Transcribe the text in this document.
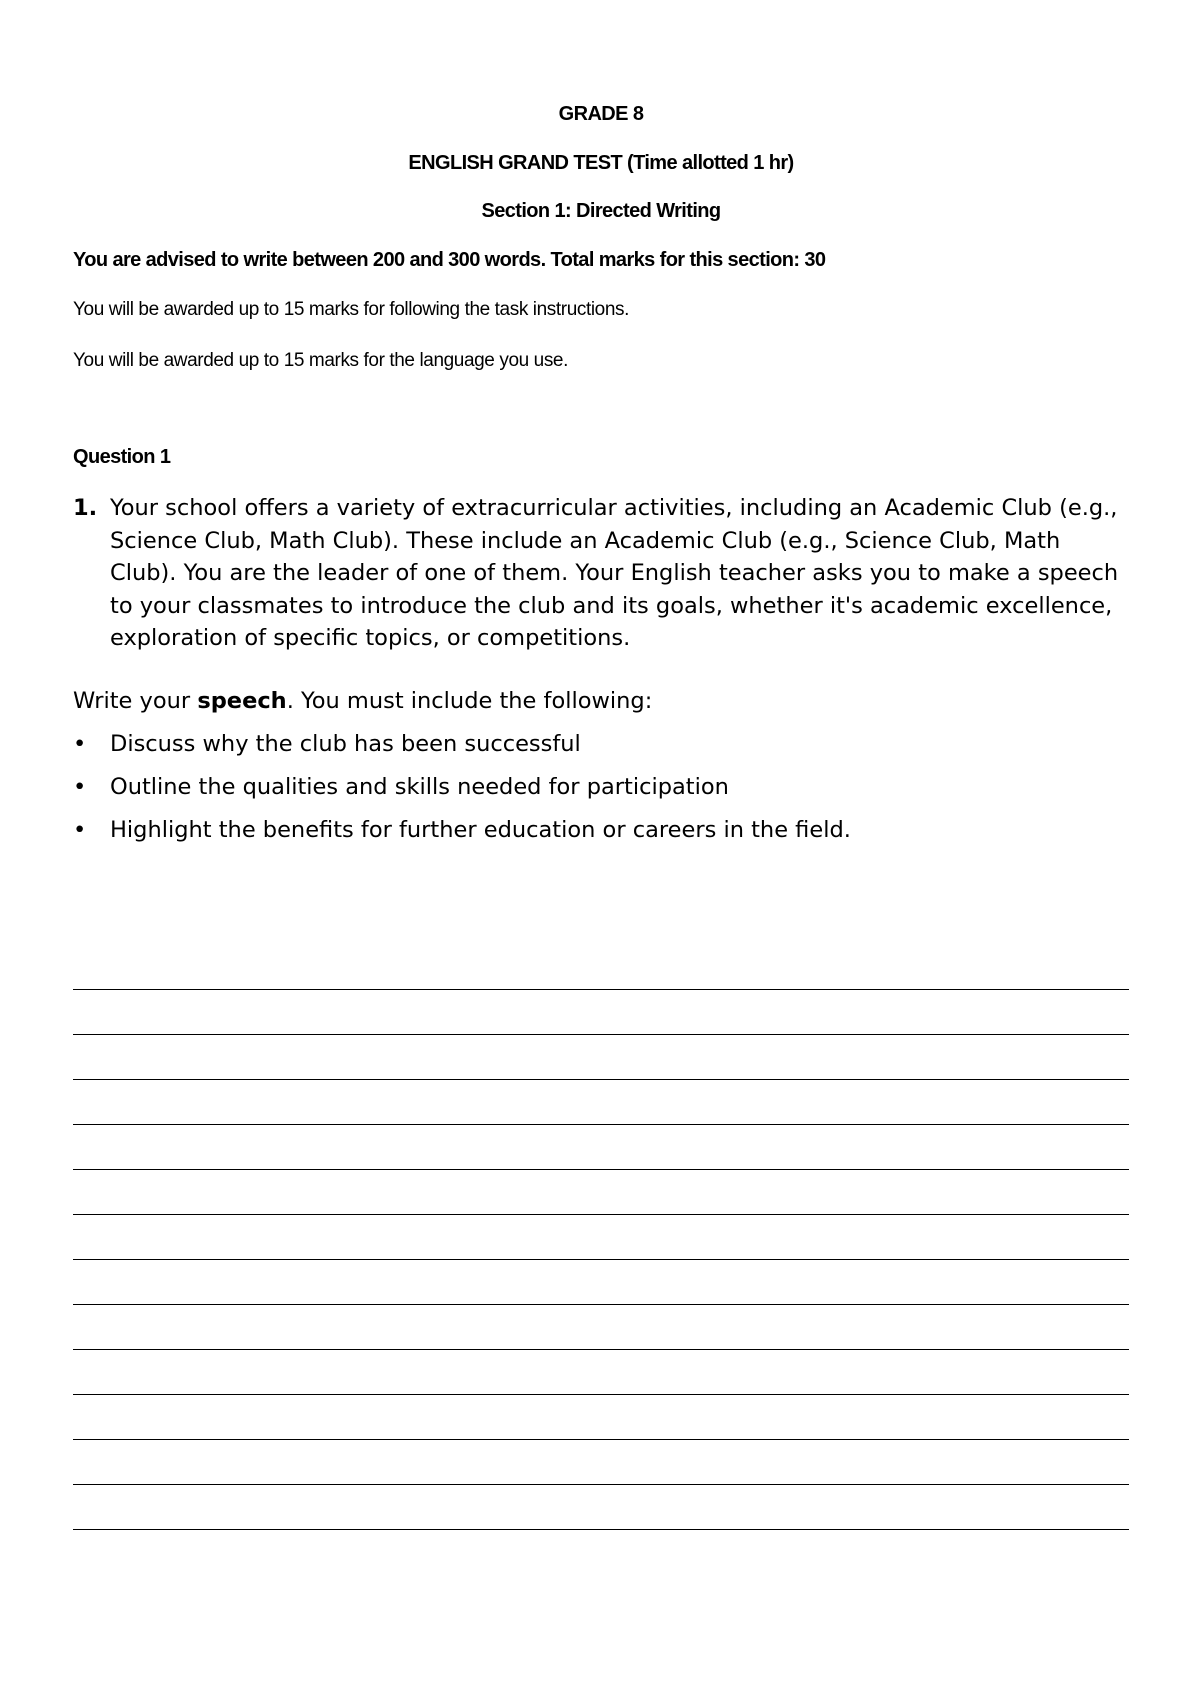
GRADE 8
ENGLISH GRAND TEST (Time allotted 1 hr)
Section 1: Directed Writing
You are advised to write between 200 and 300 words. Total marks for this section: 30
You will be awarded up to 15 marks for following the task instructions.
You will be awarded up to 15 marks for the language you use.
Question 1
1. Your school offers a variety of extracurricular activities, including an Academic Club (e.g., Science Club, Math Club). These include an Academic Club (e.g., Science Club, Math Club). You are the leader of one of them. Your English teacher asks you to make a speech to your classmates to introduce the club and its goals, whether it's academic excellence, exploration of specific topics, or competitions.
Write your speech. You must include the following:
•	Discuss why the club has been successful
•	Outline the qualities and skills needed for participation
•	Highlight the benefits for further education or careers in the field.
